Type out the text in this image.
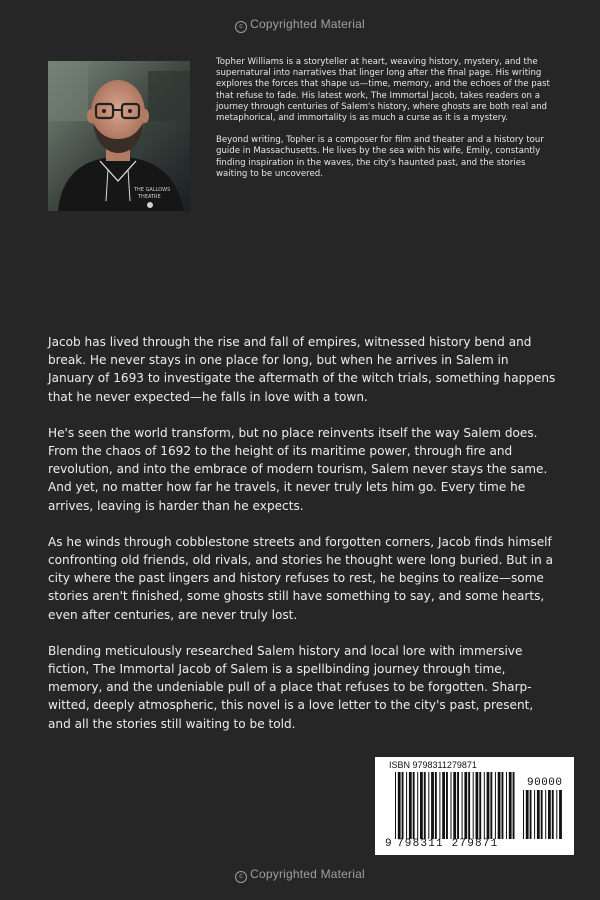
c Copyrighted Material
THE GALLOWS
THEATRE

Topher Williams is a storyteller at heart, weaving history, mystery, and the supernatural into narratives that linger long after the final page. His writing explores the forces that shape us—time, memory, and the echoes of the past that refuse to fade. His latest work, The Immortal Jacob, takes readers on a journey through centuries of Salem's history, where ghosts are both real and metaphorical, and immortality is as much a curse as it is a mystery.

Beyond writing, Topher is a composer for film and theater and a history tour guide in Massachusetts. He lives by the sea with his wife, Emily, constantly finding inspiration in the waves, the city's haunted past, and the stories waiting to be uncovered.

Jacob has lived through the rise and fall of empires, witnessed history bend and break. He never stays in one place for long, but when he arrives in Salem in January of 1693 to investigate the aftermath of the witch trials, something happens that he never expected—he falls in love with a town.

He's seen the world transform, but no place reinvents itself the way Salem does. From the chaos of 1692 to the height of its maritime power, through fire and revolution, and into the embrace of modern tourism, Salem never stays the same. And yet, no matter how far he travels, it never truly lets him go. Every time he arrives, leaving is harder than he expects.

As he winds through cobblestone streets and forgotten corners, Jacob finds himself confronting old friends, old rivals, and stories he thought were long buried. But in a city where the past lingers and history refuses to rest, he begins to realize—some stories aren't finished, some ghosts still have something to say, and some hearts, even after centuries, are never truly lost.

Blending meticulously researched Salem history and local lore with immersive fiction, The Immortal Jacob of Salem is a spellbinding journey through time, memory, and the undeniable pull of a place that refuses to be forgotten. Sharp-witted, deeply atmospheric, this novel is a love letter to the city's past, present, and all the stories still waiting to be told.

ISBN 9798311279871
90000
9 798311 279871
c Copyrighted Material
